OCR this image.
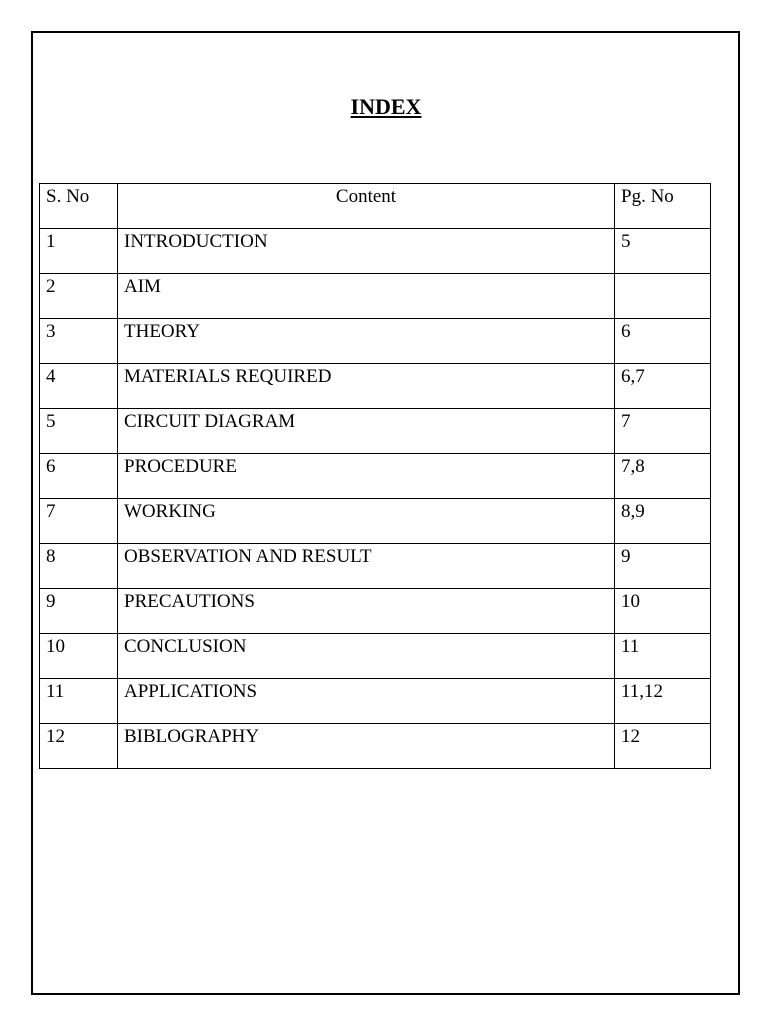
INDEX
S. No	Content	Pg. No

1	INTRODUCTION	5

2	AIM	

3	THEORY	6

4	MATERIALS REQUIRED	6,7

5	CIRCUIT DIAGRAM	7

6	PROCEDURE	7,8

7	WORKING	8,9

8	OBSERVATION AND RESULT	9

9	PRECAUTIONS	10

10	CONCLUSION	11

11	APPLICATIONS	11,12

12	BIBLOGRAPHY	12
